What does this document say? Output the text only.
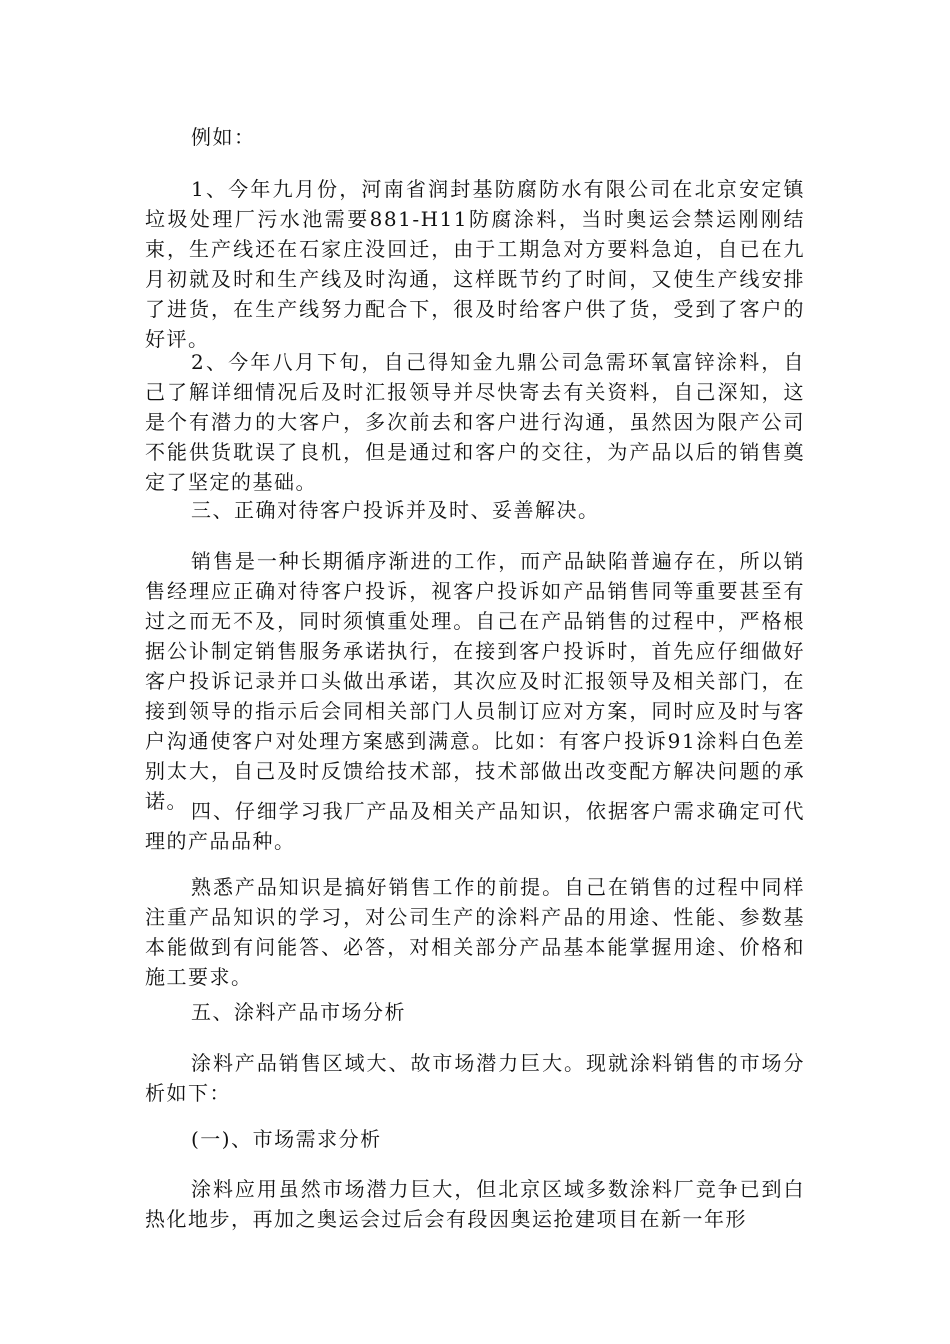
例如：

1、今年九月份，河南省润封基防腐防水有限公司在北京安定镇垃圾处理厂污水池需要881-H11防腐涂料，当时奥运会禁运刚刚结束，生产线还在石家庄没回迁，由于工期急对方要料急迫，自已在九月初就及时和生产线及时沟通，这样既节约了时间，又使生产线安排了进货，在生产线努力配合下，很及时给客户供了货，受到了客户的好评。

2、今年八月下旬，自己得知金九鼎公司急需环氧富锌涂料，自己了解详细情况后及时汇报领导并尽快寄去有关资料，自己深知，这是个有潜力的大客户，多次前去和客户进行沟通，虽然因为限产公司不能供货耽误了良机，但是通过和客户的交往，为产品以后的销售奠定了坚定的基础。

三、正确对待客户投诉并及时、妥善解决。

销售是一种长期循序渐进的工作，而产品缺陷普遍存在，所以销售经理应正确对待客户投诉，视客户投诉如产品销售同等重要甚至有过之而无不及，同时须慎重处理。自己在产品销售的过程中，严格根据公讣制定销售服务承诺执行，在接到客户投诉时，首先应仔细做好客户投诉记录并口头做出承诺，其次应及时汇报领导及相关部门，在接到领导的指示后会同相关部门人员制订应对方案，同时应及时与客户沟通使客户对处理方案感到满意。比如：有客户投诉91涂料白色差别太大，自己及时反馈给技术部，技术部做出改变配方解决问题的承诺。 四、仔细学习我厂产品及相关产品知识，依据客户需求确定可代理的产品品种。

熟悉产品知识是搞好销售工作的前提。自己在销售的过程中同样注重产品知识的学习，对公司生产的涂料产品的用途、性能、参数基本能做到有问能答、必答，对相关部分产品基本能掌握用途、价格和施工要求。

五、涂料产品市场分析

涂料产品销售区域大、故市场潜力巨大。现就涂料销售的市场分析如下：

(一)、市场需求分析

涂料应用虽然市场潜力巨大，但北京区域多数涂料厂竞争已到白热化地步，再加之奥运会过后会有段因奥运抢建项目在新一年形
